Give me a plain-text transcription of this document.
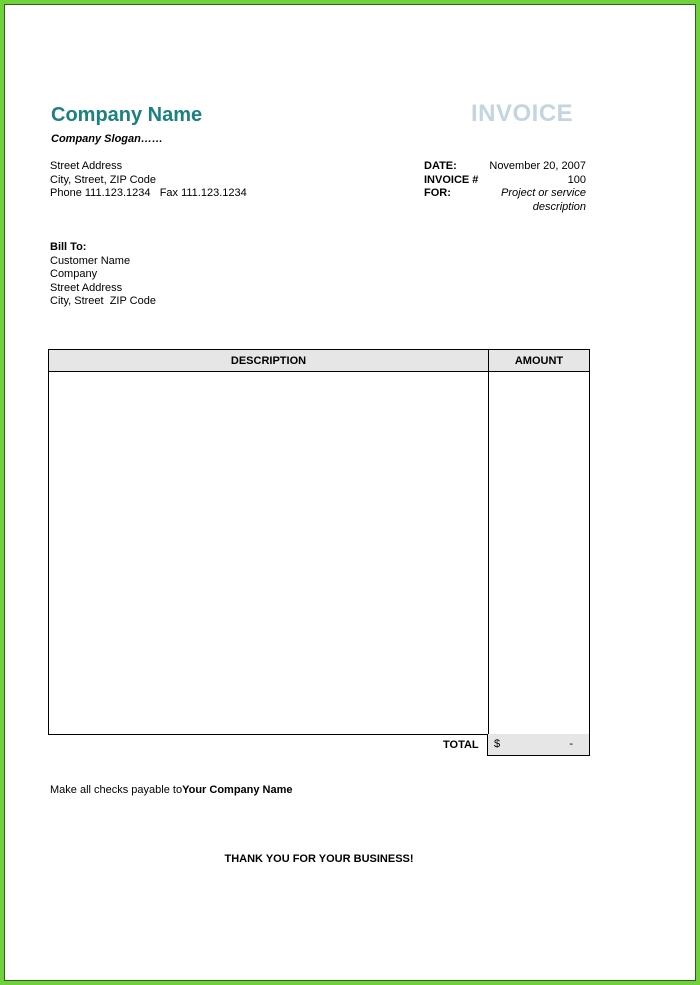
Company Name	INVOICE
Company Slogan……
Street Address
City, Street, ZIP Code
Phone 111.123.1234   Fax 111.123.1234
DATE:	November 20, 2007
INVOICE #	100
FOR:	Project or service
description
Bill To:
Customer Name
Company
Street Address
City, Street  ZIP Code
DESCRIPTION	AMOUNT
TOTAL $	-
Make all checks payable toYour Company Name
THANK YOU FOR YOUR BUSINESS!
